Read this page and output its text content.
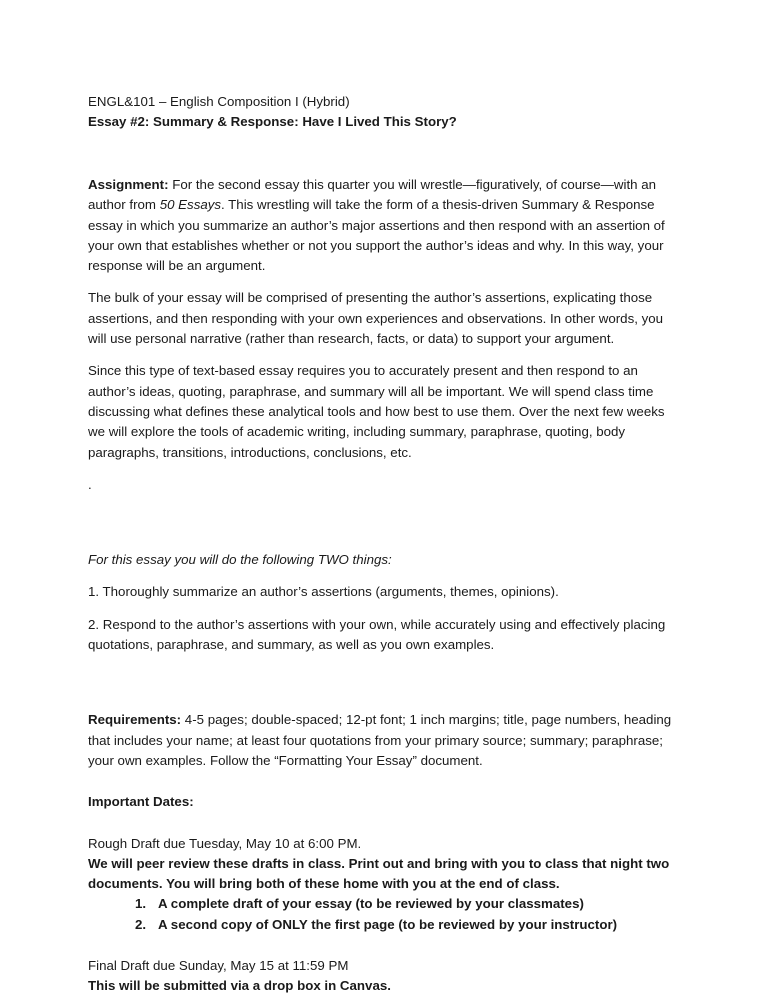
ENGL&101 – English Composition I (Hybrid)

Essay #2: Summary & Response: Have I Lived This Story?

Assignment: For the second essay this quarter you will wrestle—figuratively, of course—with an author from 50 Essays. This wrestling will take the form of a thesis-driven Summary & Response essay in which you summarize an author’s major assertions and then respond with an assertion of your own that establishes whether or not you support the author’s ideas and why. In this way, your response will be an argument.

The bulk of your essay will be comprised of presenting the author’s assertions, explicating those assertions, and then responding with your own experiences and observations. In other words, you will use personal narrative (rather than research, facts, or data) to support your argument.

Since this type of text-based essay requires you to accurately present and then respond to an author’s ideas, quoting, paraphrase, and summary will all be important. We will spend class time discussing what defines these analytical tools and how best to use them. Over the next few weeks we will explore the tools of academic writing, including summary, paraphrase, quoting, body paragraphs, transitions, introductions, conclusions, etc.

.

For this essay you will do the following TWO things:

1. Thoroughly summarize an author’s assertions (arguments, themes, opinions).

2. Respond to the author’s assertions with your own, while accurately using and effectively placing quotations, paraphrase, and summary, as well as you own examples.

Requirements: 4-5 pages; double-spaced; 12-pt font; 1 inch margins; title, page numbers, heading that includes your name; at least four quotations from your primary source; summary; paraphrase; your own examples. Follow the “Formatting Your Essay” document.

Important Dates:

Rough Draft due Tuesday, May 10 at 6:00 PM.

We will peer review these drafts in class. Print out and bring with you to class that night two documents. You will bring both of these home with you at the end of class.

1. A complete draft of your essay (to be reviewed by your classmates)
2. A second copy of ONLY the first page (to be reviewed by your instructor)

Final Draft due Sunday, May 15 at 11:59 PM

This will be submitted via a drop box in Canvas.
